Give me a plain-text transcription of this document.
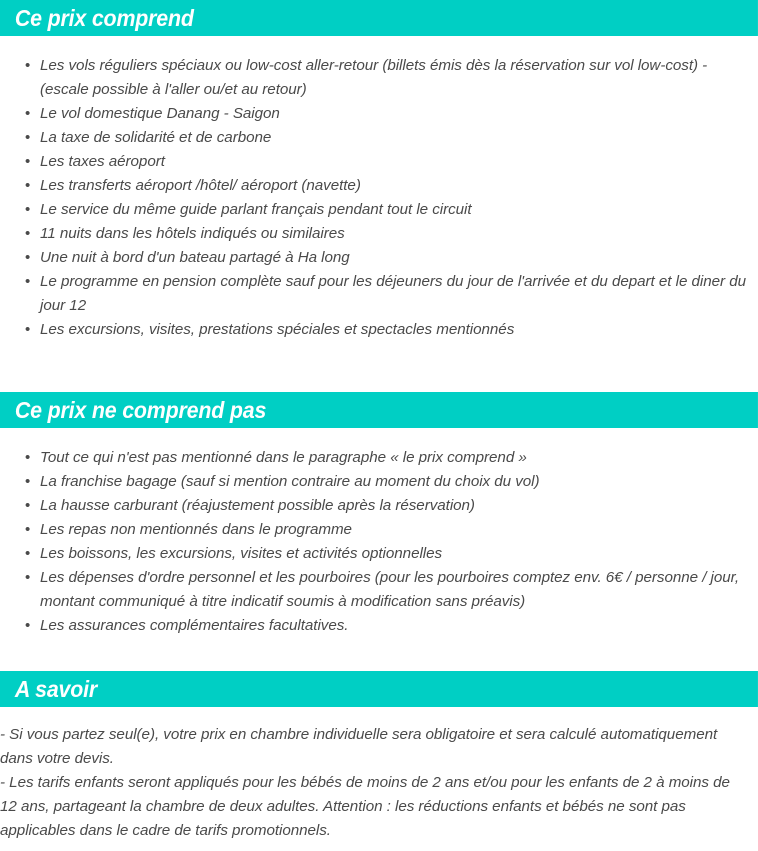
Ce prix comprend
• Les vols réguliers spéciaux ou low-cost aller-retour (billets émis dès la réservation sur vol low-cost) - (escale possible à l'aller ou/et au retour)
• Le vol domestique Danang - Saigon
• La taxe de solidarité et de carbone
• Les taxes aéroport
• Les transferts aéroport /hôtel/ aéroport (navette)
• Le service du même guide parlant français pendant tout le circuit
• 11 nuits dans les hôtels indiqués ou similaires
• Une nuit à bord d'un bateau partagé à Ha long
• Le programme en pension complète sauf pour les déjeuners du jour de l'arrivée et du depart et le diner du jour 12
• Les excursions, visites, prestations spéciales et spectacles mentionnés
Ce prix ne comprend pas
• Tout ce qui n'est pas mentionné dans le paragraphe « le prix comprend »
• La franchise bagage (sauf si mention contraire au moment du choix du vol)
• La hausse carburant (réajustement possible après la réservation)
• Les repas non mentionnés dans le programme
• Les boissons, les excursions, visites et activités optionnelles
• Les dépenses d'ordre personnel et les pourboires (pour les pourboires comptez env. 6€ / personne / jour, montant communiqué à titre indicatif soumis à modification sans préavis)
• Les assurances complémentaires facultatives.
A savoir

- Si vous partez seul(e), votre prix en chambre individuelle sera obligatoire et sera calculé automatiquement dans votre devis.

- Les tarifs enfants seront appliqués pour les bébés de moins de 2 ans et/ou pour les enfants de 2 à moins de 12 ans, partageant la chambre de deux adultes. Attention : les réductions enfants et bébés ne sont pas applicables dans le cadre de tarifs promotionnels.
